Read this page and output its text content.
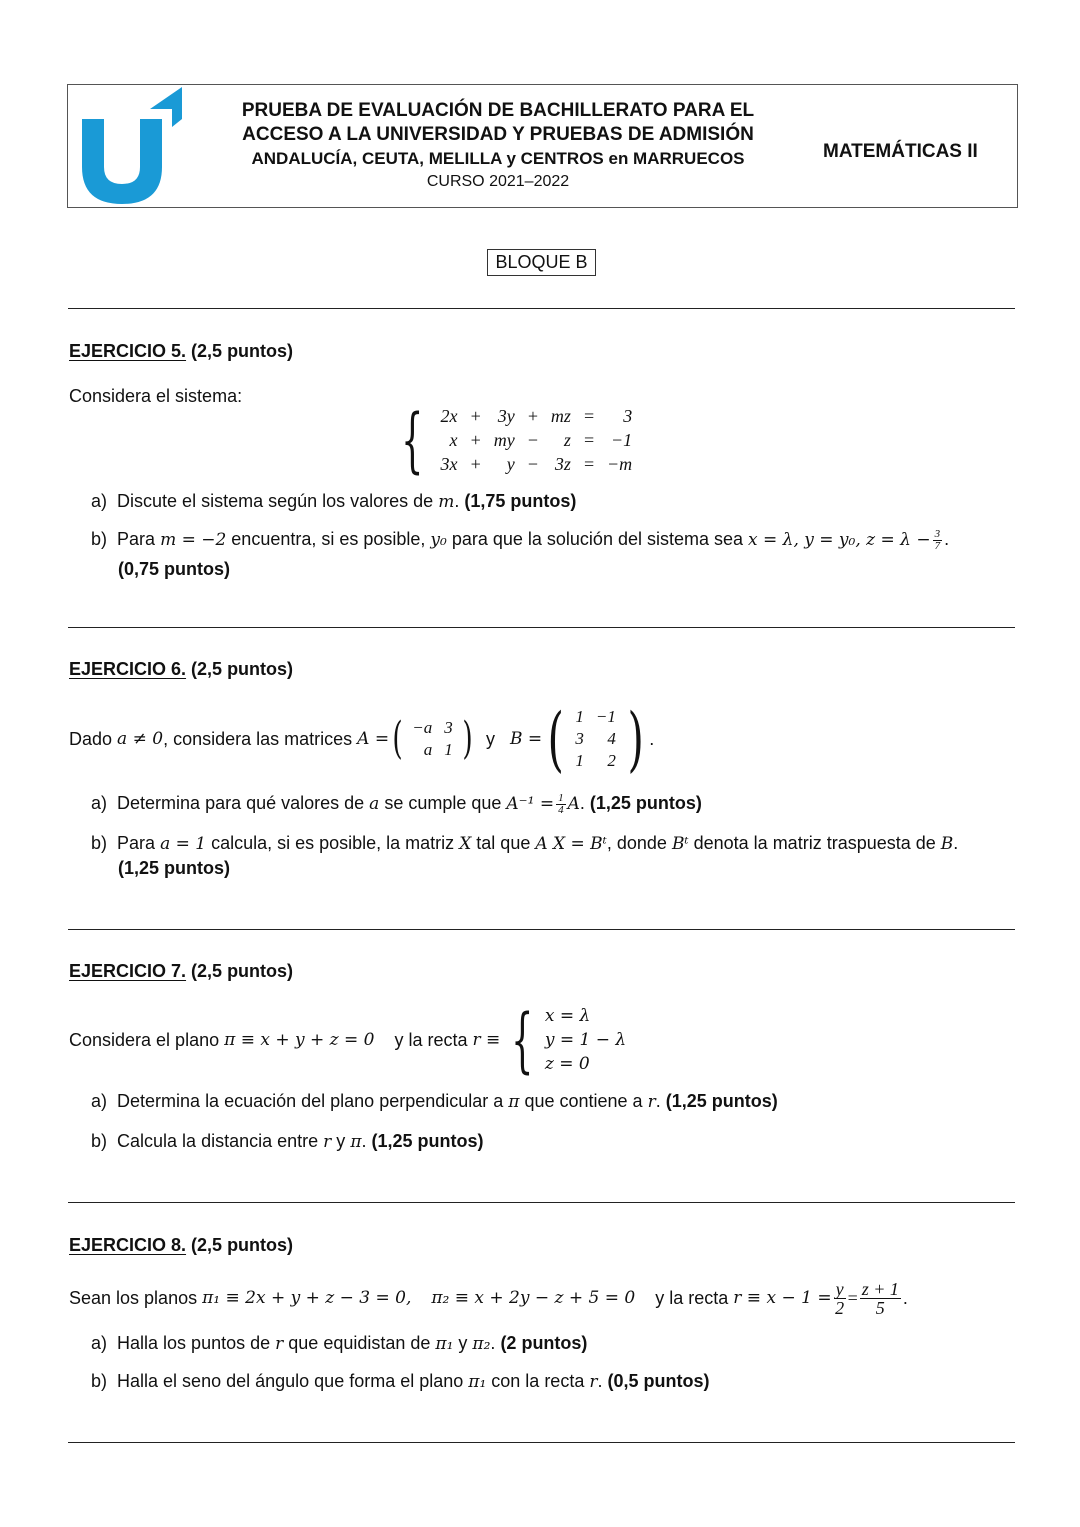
PRUEBA DE EVALUACIÓN DE BACHILLERATO PARA EL
ACCESO A LA UNIVERSIDAD Y PRUEBAS DE ADMISIÓN
ANDALUCÍA, CEUTA, MELILLA y CENTROS en MARRUECOS
CURSO 2021–2022
MATEMÁTICAS II
BLOQUE B
EJERCICIO 5. (2,5 puntos)
Considera el sistema:
{ 2x	+	3y	+	mz	=	3
x	+	my	−	z	=	−1
3x	+	y	−	3z	=	−m
a) Discute el sistema según los valores de m. (1,75 puntos)
b) Para m = −2 encuentra, si es posible, y₀ para que la solución del sistema sea x = λ, y = y₀, $z = \lambda - \frac{3}{7}$ .
(0,75 puntos)
EJERCICIO 6. (2,5 puntos)
Dado
a ≠ 0 , considera las matrices
A = ( −a	3
a	1 )
y
B = ( 1	−1
3	4
1	2 ) .
a) Determina para qué valores de a se cumple que $A^{-1} = \frac{1}{4} A$. (1,25 puntos)
b) Para a = 1 calcula, si es posible, la matriz X tal que A X = Bᵗ, donde Bᵗ denota la matriz traspuesta de B.
(1,25 puntos)
EJERCICIO 7. (2,5 puntos)
Considera el plano
π ≡ x + y + z = 0
y la recta
r ≡ { x = λ
y = 1 − λ
z = 0
a) Determina la ecuación del plano perpendicular a π que contiene a r. (1,25 puntos)
b) Calcula la distancia entre r y π. (1,25 puntos)
EJERCICIO 8. (2,5 puntos)
Sean los planos
π₁ ≡ 2x + y + z − 3 = 0,
π₂ ≡ x + 2y − z + 5 = 0
y la recta
$r \equiv x - 1 = \frac{y}{2} = \frac{z + 1}{5}$ .
a) Halla los puntos de r que equidistan de π₁ y π₂. (2 puntos)
b) Halla el seno del ángulo que forma el plano π₁ con la recta r. (0,5 puntos)
